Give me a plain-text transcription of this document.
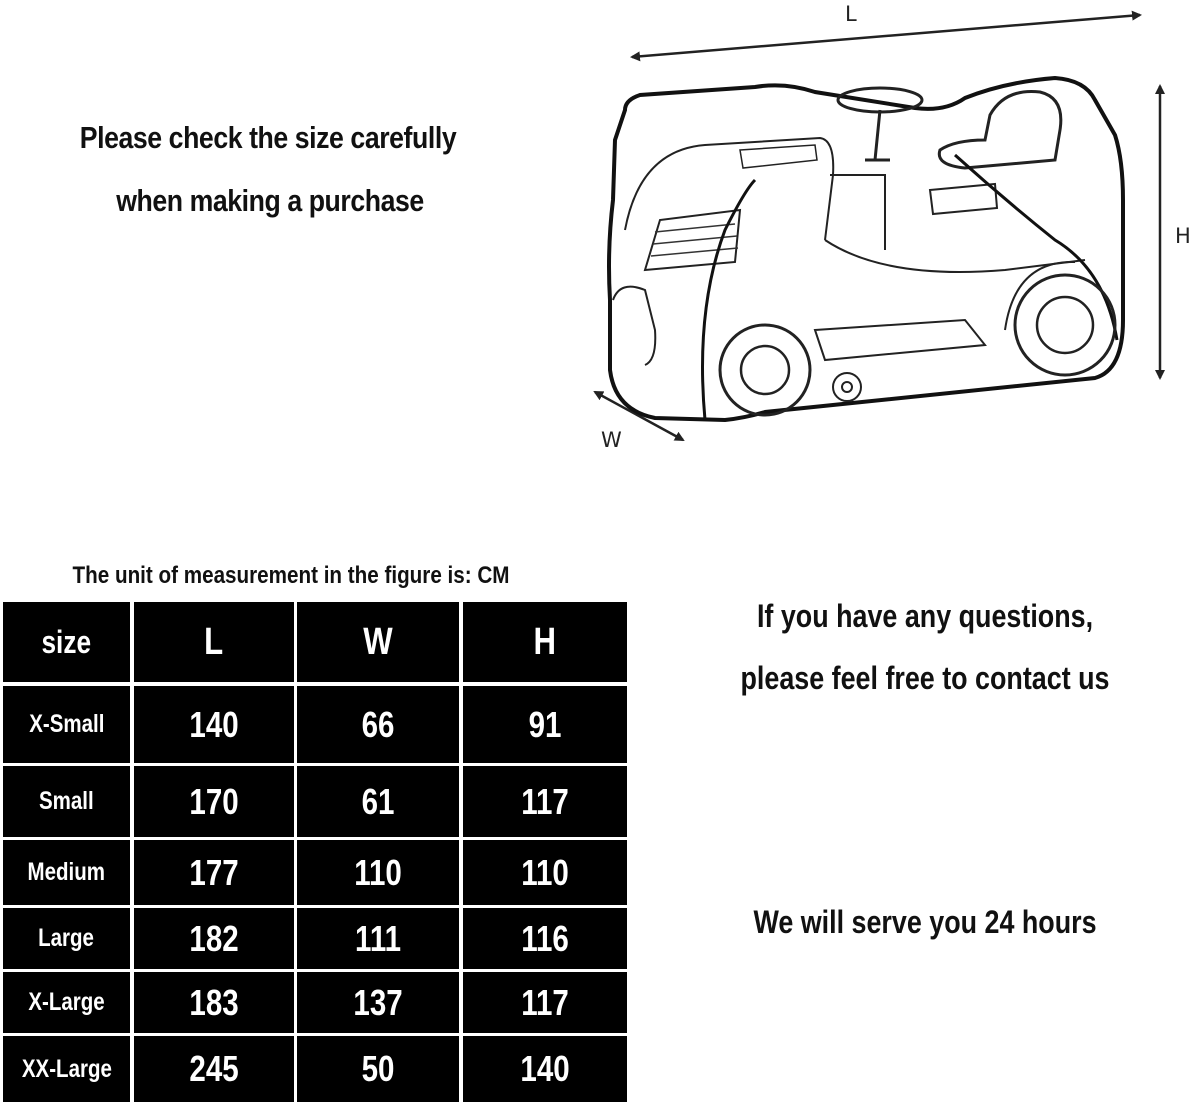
Please check the size carefully
when making a purchase
L
H
W
The unit of measurement in the figure is: CM
size	L	W	H
X-Small 140	66	91
Small	170	61	117
Medium 177	110	110
Large	182	111	116
X-Large 183	137	117
XX-Large 245	50	140
If you have any questions,
please feel free to contact us
We will serve you 24 hours
